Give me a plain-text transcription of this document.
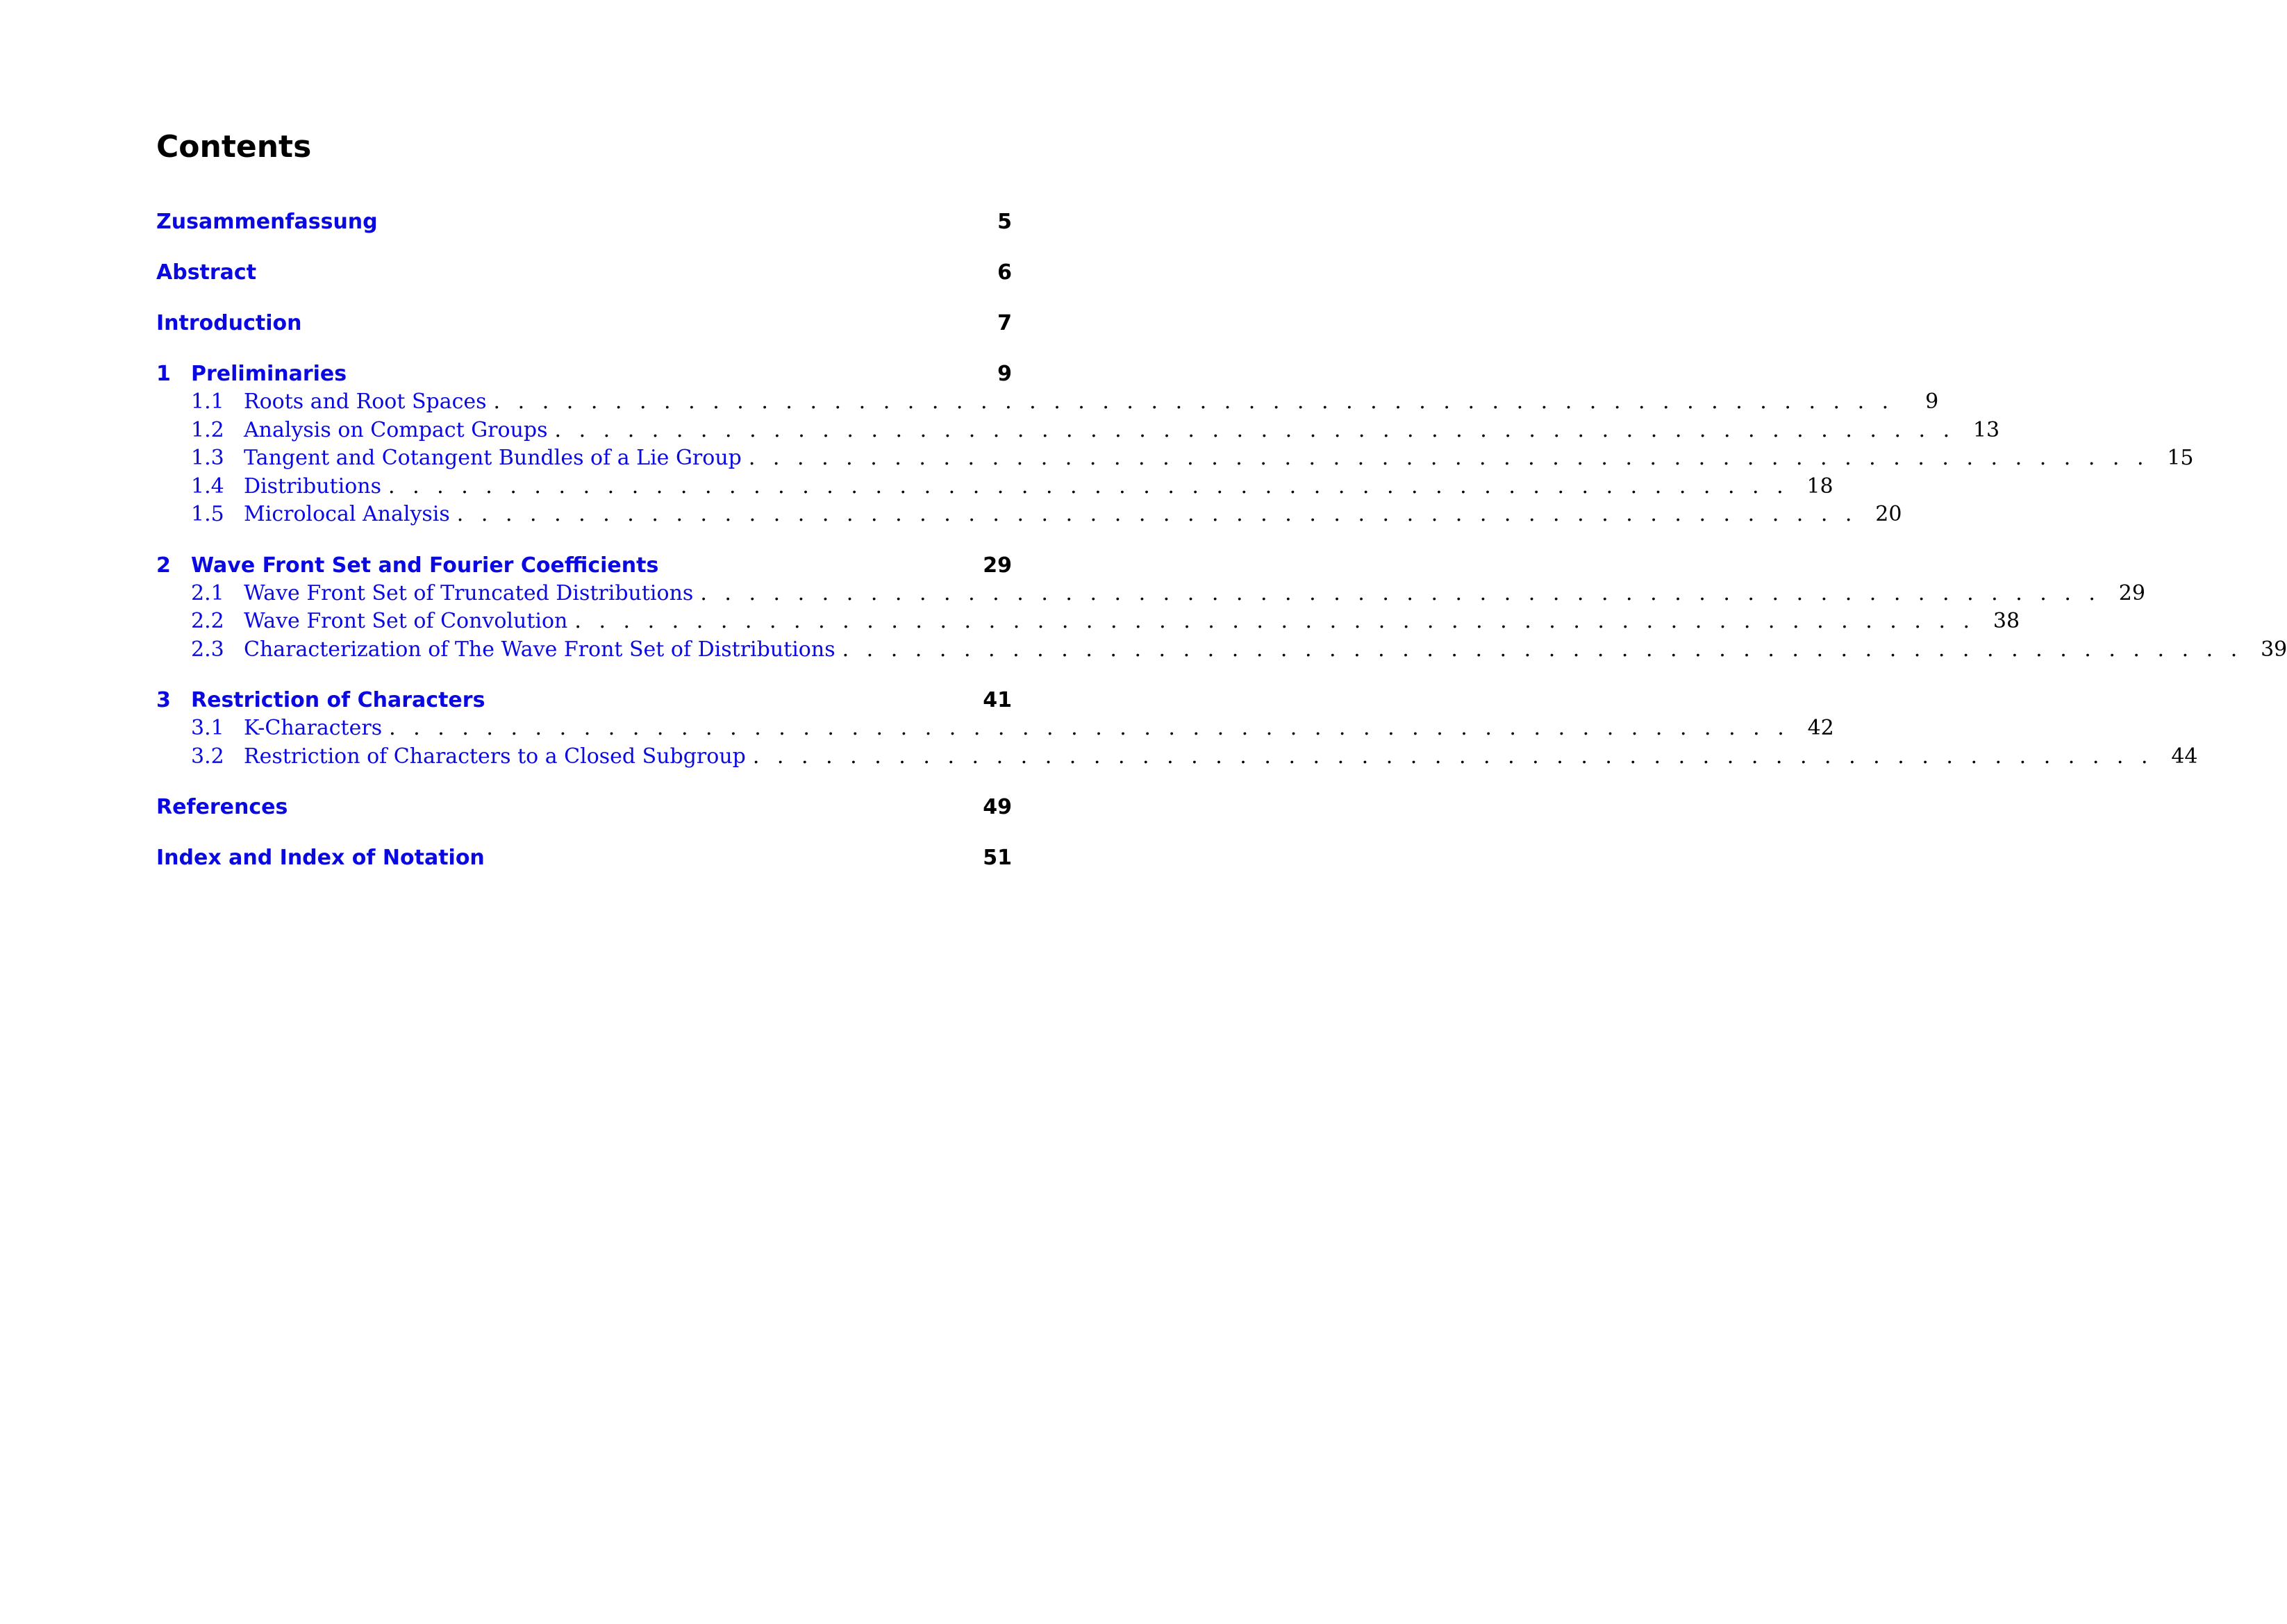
Contents
Zusammenfassung	5
Abstract	6
Introduction	7
1 Preliminaries	9
1.1 Roots and Root Spaces . . . . . . . . . . . . . . . . . . . . . . . . . . . . . . . . . . . . . . . . . . . . . . . . . . . . . . . . . .	9
1.2 Analysis on Compact Groups . . . . . . . . . . . . . . . . . . . . . . . . . . . . . . . . . . . . . . . . . . . . . . . . . . . . . . . . . . 13
1.3 Tangent and Cotangent Bundles of a Lie Group . . . . . . . . . . . . . . . . . . . . . . . . . . . . . . . . . . . . . . . . . . . . . . . . . . . . . . . . . . 15
1.4 Distributions . . . . . . . . . . . . . . . . . . . . . . . . . . . . . . . . . . . . . . . . . . . . . . . . . . . . . . . . . . 18
1.5 Microlocal Analysis . . . . . . . . . . . . . . . . . . . . . . . . . . . . . . . . . . . . . . . . . . . . . . . . . . . . . . . . . . 20
2 Wave Front Set and Fourier Coefficients	29
2.1 Wave Front Set of Truncated Distributions . . . . . . . . . . . . . . . . . . . . . . . . . . . . . . . . . . . . . . . . . . . . . . . . . . . . . . . . . . 29
2.2 Wave Front Set of Convolution . . . . . . . . . . . . . . . . . . . . . . . . . . . . . . . . . . . . . . . . . . . . . . . . . . . . . . . . . . 38
2.3 Characterization of The Wave Front Set of Distributions . . . . . . . . . . . . . . . . . . . . . . . . . . . . . . . . . . . . . . . . . . . . . . . . . . . . . . . . . . 39
3 Restriction of Characters	41
3.1 K-Characters . . . . . . . . . . . . . . . . . . . . . . . . . . . . . . . . . . . . . . . . . . . . . . . . . . . . . . . . . . 42
3.2 Restriction of Characters to a Closed Subgroup . . . . . . . . . . . . . . . . . . . . . . . . . . . . . . . . . . . . . . . . . . . . . . . . . . . . . . . . . . 44
References	49
Index and Index of Notation	51
